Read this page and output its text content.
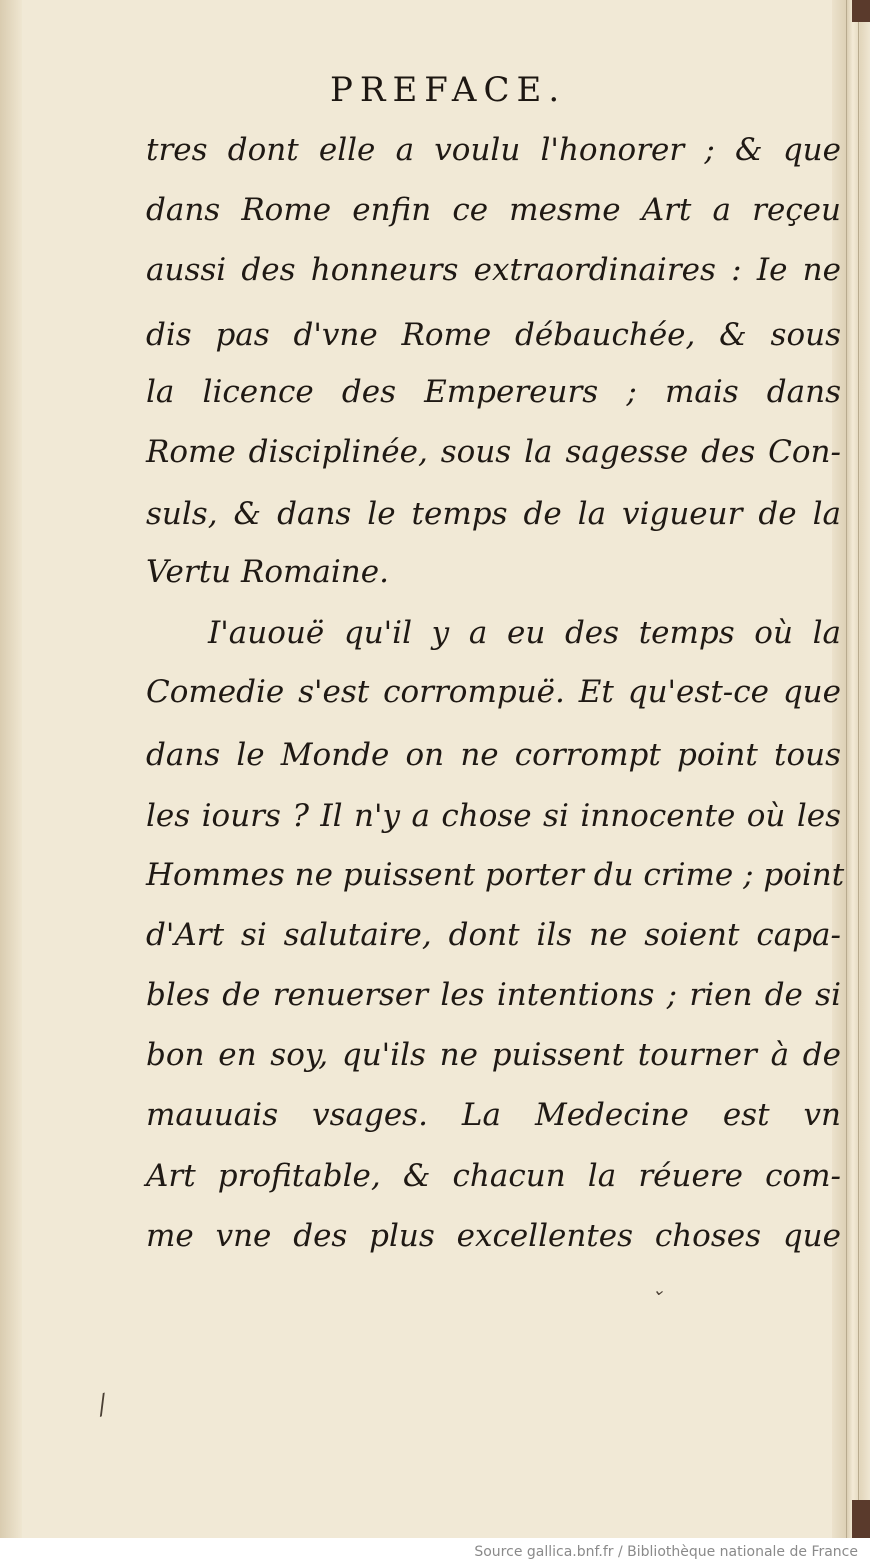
PREFACE.

tres dont elle a voulu l'honorer ; & que

dans Rome enfin ce mesme Art a reçeu

aussi des honneurs extraordinaires : Ie ne

dis pas d'vne Rome débauchée, & sous

la licence des Empereurs ; mais dans

Rome disciplinée, sous la sagesse des Con-

suls, & dans le temps de la vigueur de la

Vertu Romaine.

I'auouë qu'il y a eu des temps où la

Comedie s'est corrompuë. Et qu'est-ce que

dans le Monde on ne corrompt point tous

les iours ? Il n'y a chose si innocente où les

Hommes ne puissent porter du crime ; point

d'Art si salutaire, dont ils ne soient capa-

bles de renuerser les intentions ; rien de si

bon en soy, qu'ils ne puissent tourner à de

mauuais vsages. La Medecine est vn

Art profitable, & chacun la réuere com-

me vne des plus excellentes choses que

/
⌄
Source gallica.bnf.fr / Bibliothèque nationale de France
